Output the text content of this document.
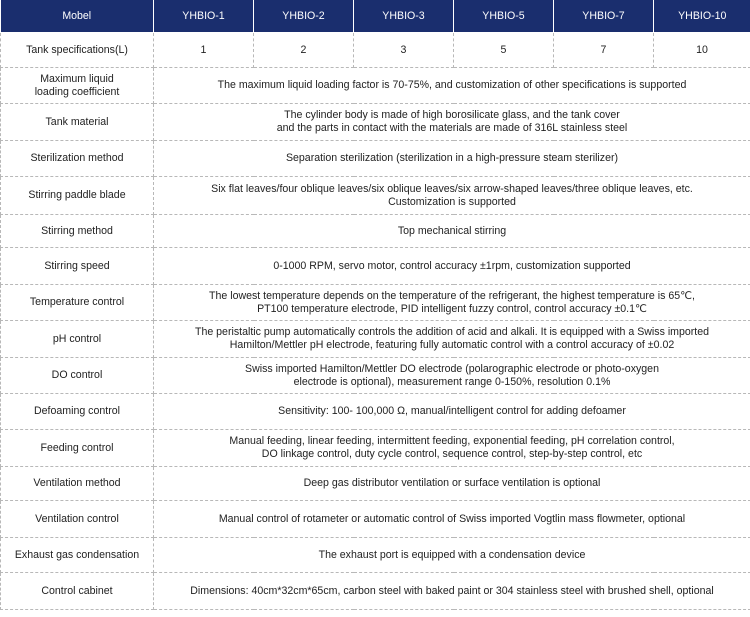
Mobel	YHBIO-1	YHBIO-2	YHBIO-3	YHBIO-5	YHBIO-7	YHBIO-10
Tank specifications(L)	1	2	3	5	7	10

Maximum liquid
loading coefficient	The maximum liquid loading factor is 70-75%, and customization of other specifications is supported					

Tank material	The cylinder body is made of high borosilicate glass, and the tank cover
and the parts in contact with the materials are made of 316L stainless steel					

Sterilization method	Separation sterilization (sterilization in a high-pressure steam sterilizer)					

Stirring paddle blade	Six flat leaves/four oblique leaves/six oblique leaves/six arrow-shaped leaves/three oblique leaves, etc.
Customization is supported					

Stirring method	Top mechanical stirring					

Stirring speed	0-1000 RPM, servo motor, control accuracy ±1rpm, customization supported					

Temperature control	The lowest temperature depends on the temperature of the refrigerant, the highest temperature is 65℃,
PT100 temperature electrode, PID intelligent fuzzy control, control accuracy ±0.1℃					

pH control	The peristaltic pump automatically controls the addition of acid and alkali. It is equipped with a Swiss imported
Hamilton/Mettler pH electrode, featuring fully automatic control with a control accuracy of ±0.02					

DO control	Swiss imported Hamilton/Mettler DO electrode (polarographic electrode or photo-oxygen
electrode is optional), measurement range 0-150%, resolution 0.1%					

Defoaming control	Sensitivity: 100- 100,000 Ω, manual/intelligent control for adding defoamer					

Feeding control	Manual feeding, linear feeding, intermittent feeding, exponential feeding, pH correlation control,
DO linkage control, duty cycle control, sequence control, step-by-step control, etc					

Ventilation method	Deep gas distributor ventilation or surface ventilation is optional					

Ventilation control	Manual control of rotameter or automatic control of Swiss imported Vogtlin mass flowmeter, optional					

Exhaust gas condensation	The exhaust port is equipped with a condensation device					

Control cabinet	Dimensions: 40cm*32cm*65cm, carbon steel with baked paint or 304 stainless steel with brushed shell, optional					
